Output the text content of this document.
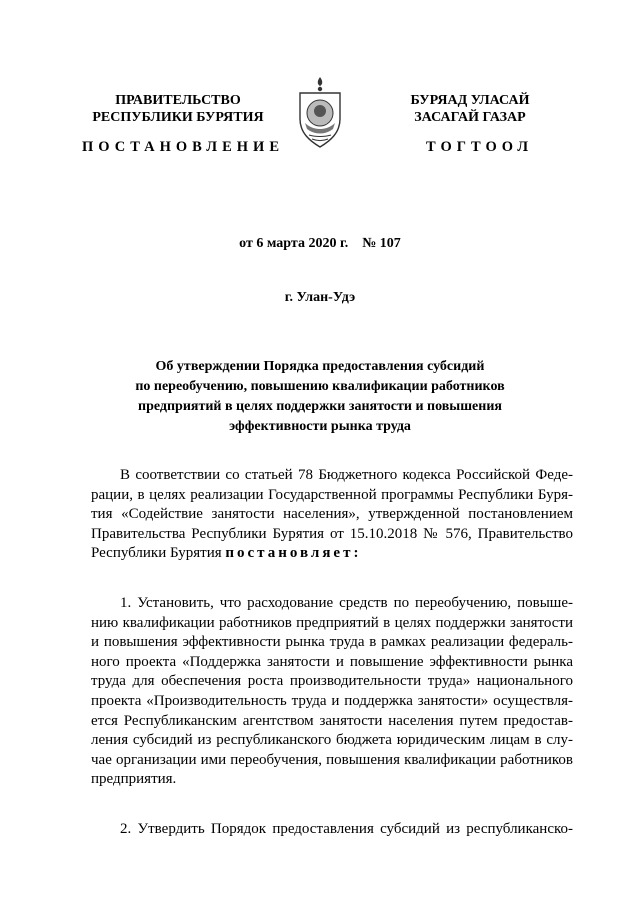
ПРАВИТЕЛЬСТВО
РЕСПУБЛИКИ БУРЯТИЯ
БУРЯАД УЛАСАЙ
ЗАСАГАЙ ГАЗАР
ПОСТАНОВЛЕНИЕ	ТОГТООЛ
от 6 марта 2020 г.    № 107
г. Улан-Удэ
Об утверждении Порядка предоставления субсидий
по переобучению, повышению квалификации работников
предприятий в целях поддержки занятости и повышения
эффективности рынка труда
В соответствии со статьей 78 Бюджетного кодекса Российской Феде-
рации, в целях реализации Государственной программы Республики Буря-
тия «Содействие занятости населения», утвержденной постановлением
Правительства Республики Бурятия от 15.10.2018 № 576, Правительство
Республики Бурятия постановляет:
1. Установить, что расходование средств по переобучению, повыше-
нию квалификации работников предприятий в целях поддержки занятости
и повышения эффективности рынка труда в рамках реализации федераль-
ного проекта «Поддержка занятости и повышение эффективности рынка
труда для обеспечения роста производительности труда» национального
проекта «Производительность труда и поддержка занятости» осуществля-
ется Республиканским агентством занятости населения путем предостав-
ления субсидий из республиканского бюджета юридическим лицам в слу-
чае организации ими переобучения, повышения квалификации работников
предприятия.
2. Утвердить Порядок предоставления субсидий из республиканско-
